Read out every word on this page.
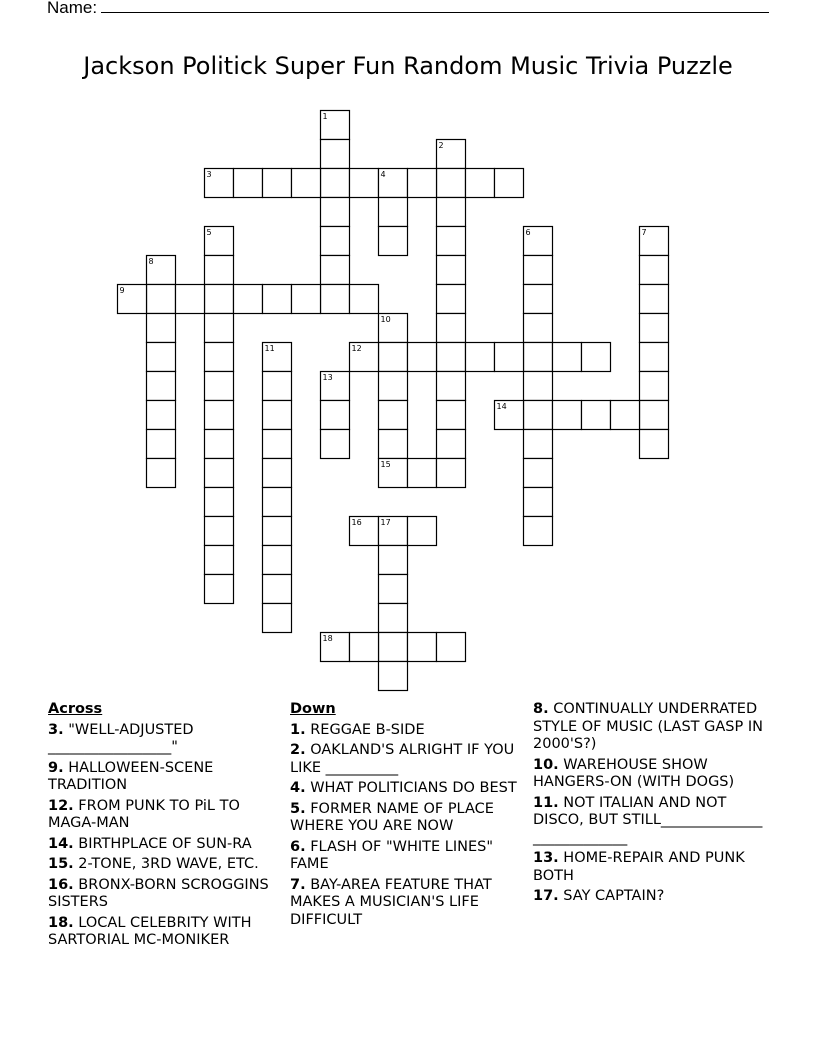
Name:
Jackson Politick Super Fun Random Music Trivia Puzzle
1
2
3	4
5	6	7
8
9
10
11	12
13
14
15
16 17
18
Across
3. "WELL-ADJUSTED _________________"
9. HALLOWEEN-SCENE TRADITION
12. FROM PUNK TO PiL TO MAGA-MAN
14. BIRTHPLACE OF SUN-RA
15. 2-TONE, 3RD WAVE, ETC.
16. BRONX-BORN SCROGGINS SISTERS
18. LOCAL CELEBRITY WITH SARTORIAL MC-MONIKER
Down
1. REGGAE B-SIDE
2. OAKLAND'S ALRIGHT IF YOU LIKE __________
4. WHAT POLITICIANS DO BEST
5. FORMER NAME OF PLACE WHERE YOU ARE NOW
6. FLASH OF "WHITE LINES" FAME
7. BAY-AREA FEATURE THAT MAKES A MUSICIAN'S LIFE DIFFICULT
8. CONTINUALLY UNDERRATED STYLE OF MUSIC (LAST GASP IN 2000'S?)
10. WAREHOUSE SHOW HANGERS-ON (WITH DOGS)
11. NOT ITALIAN AND NOT DISCO, BUT STILL______________ _____________
13. HOME-REPAIR AND PUNK BOTH
17. SAY CAPTAIN?
